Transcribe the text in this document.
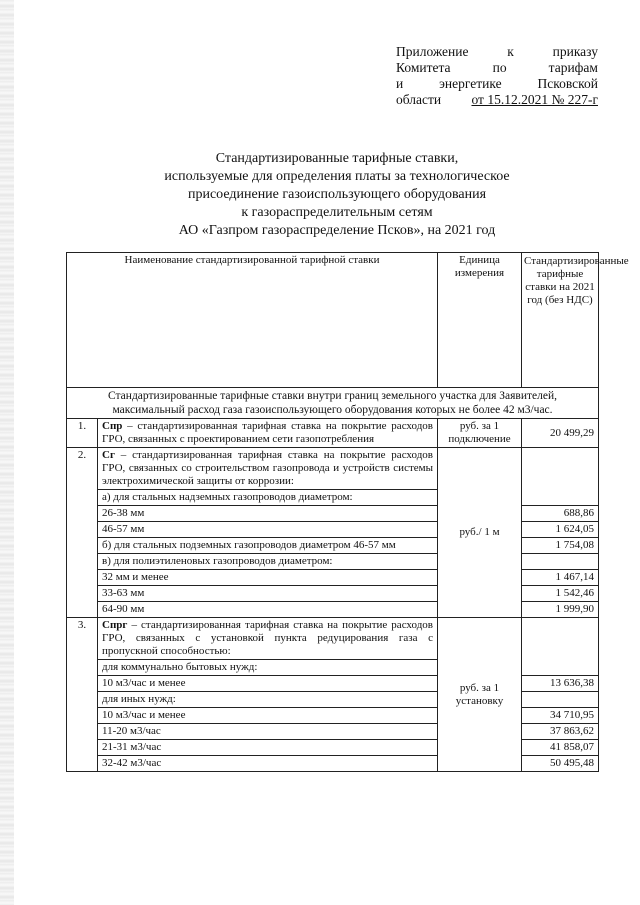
Приложение	к	приказу
Комитета	по	тарифам
и	энергетике	Псковской
области от 15.12.2021 № 227-г
Стандартизированные тарифные ставки,
используемые для определения платы за технологическое
присоединение газоиспользующего оборудования
к газораспределительным сетям
АО «Газпром газораспределение Псков», на 2021 год
Наименование стандартизированной тарифной ставки		Единица измерения	Стандартизированные тарифные ставки на 2021 год (без НДС)
Стандартизированные тарифные ставки внутри границ земельного участка для Заявителей, максимальный расход газа газоиспользующего оборудования которых не более 42 м3/час.			
1.	Спр – стандартизированная тарифная ставка на покрытие расходов ГРО, связанных с проектированием сети газопотребления	руб. за 1 подключение	20 499,29
2.	Сг – стандартизированная тарифная ставка на покрытие расходов ГРО, связанных со строительством газопровода и устройств системы электрохимической защиты от коррозии:	руб./ 1 м	
	а) для стальных надземных газопроводов диаметром:		
	26-38 мм		688,86
	46-57 мм		1 624,05
	б) для стальных подземных газопроводов диаметром 46-57 мм		1 754,08
	в) для полиэтиленовых газопроводов диаметром:		
	32 мм и менее		1 467,14
	33-63 мм		1 542,46
	64-90 мм		1 999,90
3.	Спрг – стандартизированная тарифная ставка на покрытие расходов ГРО, связанных с установкой пункта редуцирования газа с пропускной способностью:	руб. за 1 установку	
	для коммунально бытовых нужд:		
	10 м3/час и менее		13 636,38
	для иных нужд:		
	10 м3/час и менее		34 710,95
	11-20 м3/час		37 863,62
	21-31 м3/час		41 858,07
	32-42 м3/час		50 495,48
